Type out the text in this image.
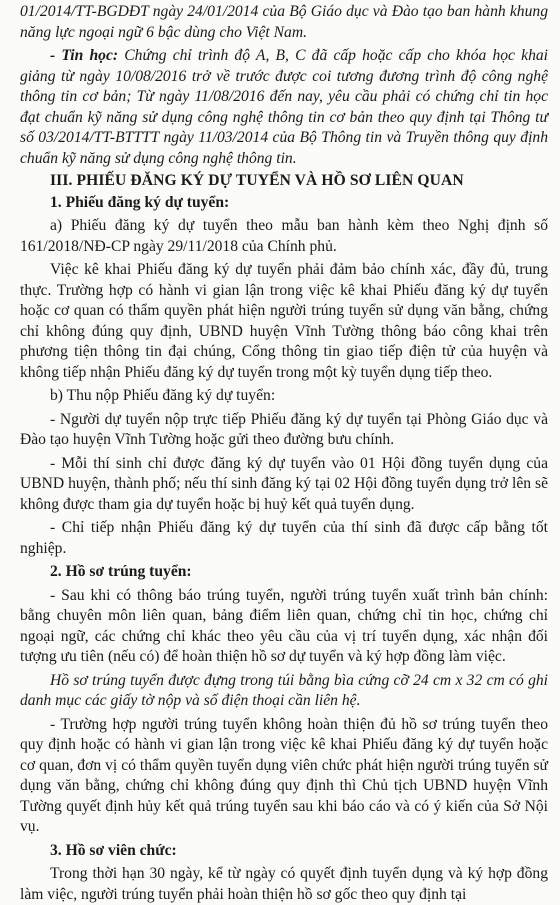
01/2014/TT-BGDĐT ngày 24/01/2014 của Bộ Giáo dục và Đào tạo ban hành khung năng lực ngoại ngữ 6 bậc dùng cho Việt Nam.

- Tin học: Chứng chỉ trình độ A, B, C đã cấp hoặc cấp cho khóa học khai giảng từ ngày 10/08/2016 trở về trước được coi tương đương trình độ công nghệ thông tin cơ bản; Từ ngày 11/08/2016 đến nay, yêu cầu phải có chứng chỉ tin học đạt chuẩn kỹ năng sử dụng công nghệ thông tin cơ bản theo quy định tại Thông tư số 03/2014/TT-BTTTT ngày 11/03/2014 của Bộ Thông tin và Truyền thông quy định chuẩn kỹ năng sử dụng công nghệ thông tin.

III. PHIẾU ĐĂNG KÝ DỰ TUYỂN VÀ HỒ SƠ LIÊN QUAN

1. Phiếu đăng ký dự tuyển:

a) Phiếu đăng ký dự tuyển theo mẫu ban hành kèm theo Nghị định số 161/2018/NĐ-CP ngày 29/11/2018 của Chính phủ.

Việc kê khai Phiếu đăng ký dự tuyển phải đảm bảo chính xác, đầy đủ, trung thực. Trường hợp có hành vi gian lận trong việc kê khai Phiếu đăng ký dự tuyển hoặc cơ quan có thẩm quyền phát hiện người trúng tuyển sử dụng văn bằng, chứng chỉ không đúng quy định, UBND huyện Vĩnh Tường thông báo công khai trên phương tiện thông tin đại chúng, Cổng thông tin giao tiếp điện tử của huyện và không tiếp nhận Phiếu đăng ký dự tuyển trong một kỳ tuyển dụng tiếp theo.

b) Thu nộp Phiếu đăng ký dự tuyển:

- Người dự tuyển nộp trực tiếp Phiếu đăng ký dự tuyển tại Phòng Giáo dục và Đào tạo huyện Vĩnh Tường hoặc gửi theo đường bưu chính.

- Mỗi thí sinh chỉ được đăng ký dự tuyển vào 01 Hội đồng tuyển dụng của UBND huyện, thành phố; nếu thí sinh đăng ký tại 02 Hội đồng tuyển dụng trở lên sẽ không được tham gia dự tuyển hoặc bị huỷ kết quả tuyển dụng.

- Chỉ tiếp nhận Phiếu đăng ký dự tuyển của thí sinh đã được cấp bằng tốt nghiệp.

2. Hồ sơ trúng tuyển:

- Sau khi có thông báo trúng tuyển, người trúng tuyển xuất trình bản chính: bằng chuyên môn liên quan, bảng điểm liên quan, chứng chỉ tin học, chứng chỉ ngoại ngữ, các chứng chỉ khác theo yêu cầu của vị trí tuyển dụng, xác nhận đối tượng ưu tiên (nếu có) để hoàn thiện hồ sơ dự tuyển và ký hợp đồng làm việc.

Hồ sơ trúng tuyển được đựng trong túi bằng bìa cứng cỡ 24 cm x 32 cm có ghi danh mục các giấy tờ nộp và số điện thoại cần liên hệ.

- Trường hợp người trúng tuyển không hoàn thiện đủ hồ sơ trúng tuyển theo quy định hoặc có hành vi gian lận trong việc kê khai Phiếu đăng ký dự tuyển hoặc cơ quan, đơn vị có thẩm quyền tuyển dụng viên chức phát hiện người trúng tuyển sử dụng văn bằng, chứng chỉ không đúng quy định thì Chủ tịch UBND huyện Vĩnh Tường quyết định hủy kết quả trúng tuyển sau khi báo cáo và có ý kiến của Sở Nội vụ.

3. Hồ sơ viên chức:

Trong thời hạn 30 ngày, kể từ ngày có quyết định tuyển dụng và ký hợp đồng làm việc, người trúng tuyển phải hoàn thiện hồ sơ gốc theo quy định tại
